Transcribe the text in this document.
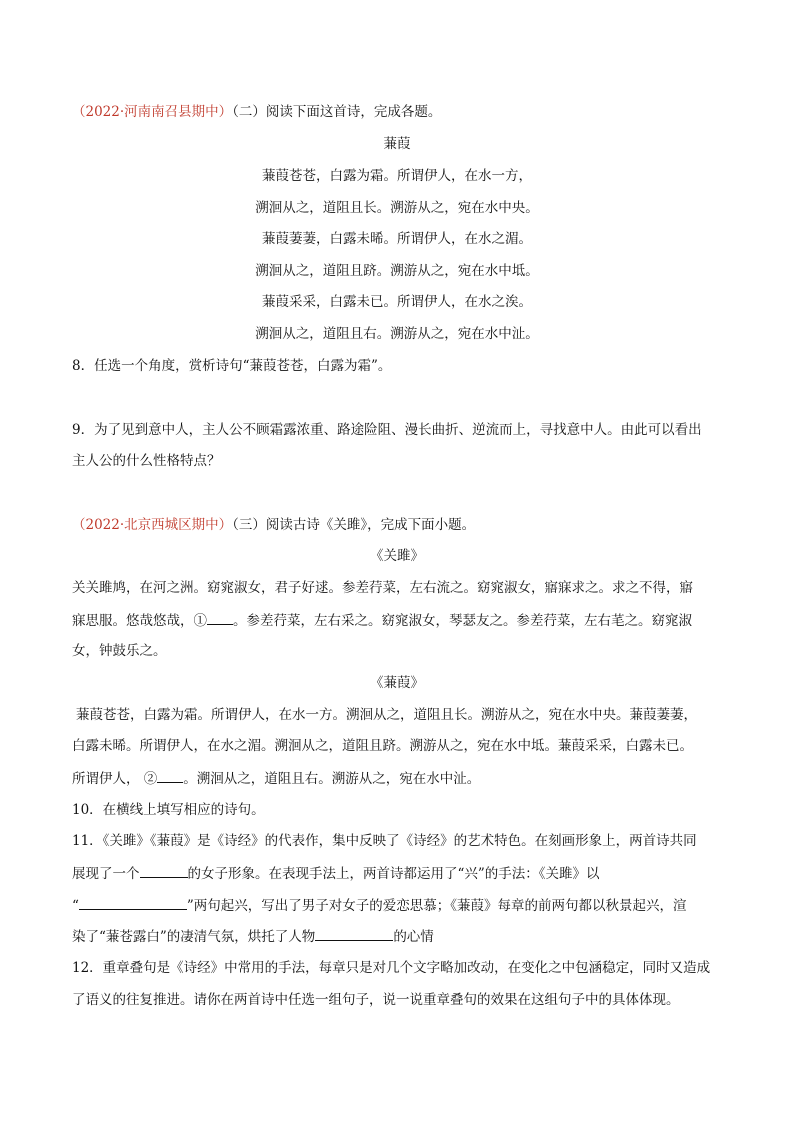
（2022·河南南召县期中）（二）阅读下面这首诗，完成各题。
蒹葭
蒹葭苍苍，白露为霜。所谓伊人，在水一方，
溯洄从之，道阻且长。溯游从之，宛在水中央。
蒹葭萋萋，白露未晞。所谓伊人，在水之湄。
溯洄从之，道阻且跻。溯游从之，宛在水中坻。
蒹葭采采，白露未已。所谓伊人，在水之涘。
溯洄从之，道阻且右。溯游从之，宛在水中沚。
8．任选一个角度，赏析诗句“蒹葭苍苍，白露为霜”。
9．为了见到意中人，主人公不顾霜露浓重、路途险阻、漫长曲折、逆流而上，寻找意中人。由此可以看出
主人公的什么性格特点？
（2022·北京西城区期中）（三）阅读古诗《关雎》，完成下面小题。
《关雎》
关关雎鸠，在河之洲。窈窕淑女，君子好逑。参差荇菜，左右流之。窈窕淑女，寤寐求之。求之不得，寤
寐思服。悠哉悠哉，① 。参差荇菜，左右采之。窈窕淑女，琴瑟友之。参差荇菜，左右芼之。窈窕淑
女，钟鼓乐之。
《蒹葭》
蒹葭苍苍，白露为霜。所谓伊人，在水一方。溯洄从之，道阻且长。溯游从之，宛在水中央。蒹葭萋萋，
白露未晞。所谓伊人，在水之湄。溯洄从之，道阻且跻。溯游从之，宛在水中坻。蒹葭采采，白露未已。
所谓伊人， ② 。溯洄从之，道阻且右。溯游从之，宛在水中沚。
10．在横线上填写相应的诗句。
11．《关雎》《蒹葭》是《诗经》的代表作，集中反映了《诗经》的艺术特色。在刻画形象上，两首诗共同
展现了一个	的女子形象。在表现手法上，两首诗都运用了“兴”的手法：《关雎》以
“	”两句起兴，写出了男子对女子的爱恋思慕；《蒹葭》每章的前两句都以秋景起兴，渲
染了“蒹苍露白”的凄清气氛，烘托了人物	的心情
12．重章叠句是《诗经》中常用的手法，每章只是对几个文字略加改动，在变化之中包涵稳定，同时又造成
了语义的往复推进。请你在两首诗中任选一组句子，说一说重章叠句的效果在这组句子中的具体体现。
